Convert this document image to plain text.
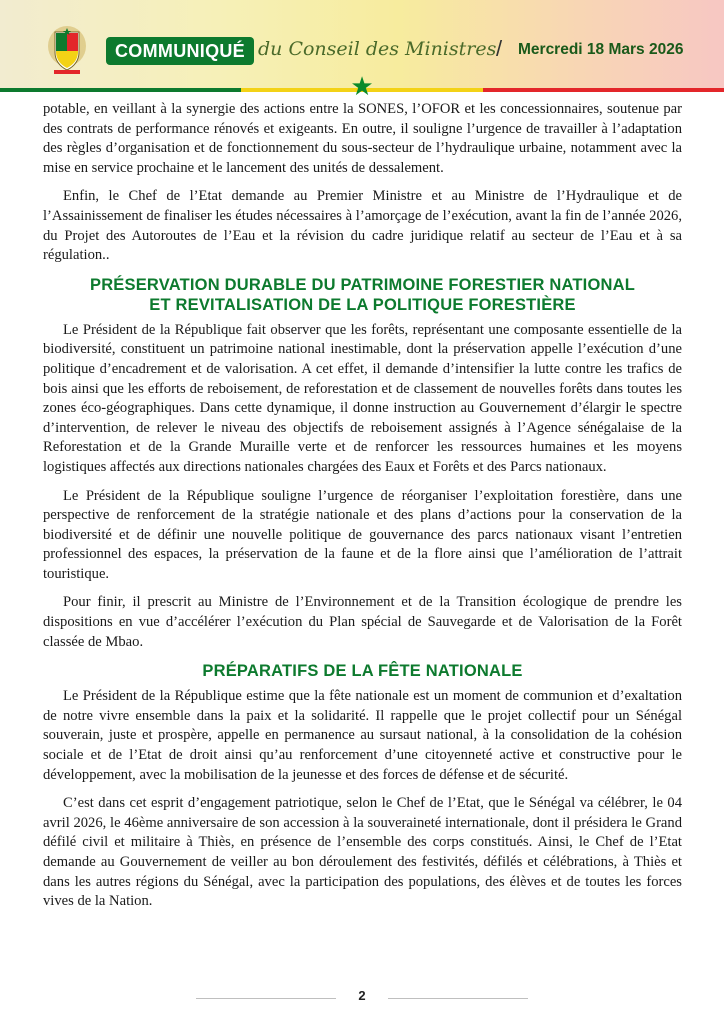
COMMUNIQUÉ du Conseil des Ministres / Mercredi 18 Mars 2026
★

potable, en veillant à la synergie des actions entre la SONES, l’OFOR et les concessionnaires, soutenue par des contrats de performance rénovés et exigeants. En outre, il souligne l’urgence de travailler à l’adaptation des règles d’organisation et de fonctionnement du sous-secteur de l’hydraulique urbaine, notamment avec la mise en service prochaine et le lancement des unités de dessalement.

Enfin, le Chef de l’Etat demande au Premier Ministre et au Ministre de l’Hydraulique et de l’Assainissement de finaliser les études nécessaires à l’amorçage de l’exécution, avant la fin de l’année 2026, du Projet des Autoroutes de l’Eau et la révision du cadre juridique relatif au secteur de l’Eau et à sa régulation..

PRÉSERVATION DURABLE DU PATRIMOINE FORESTIER NATIONAL
ET REVITALISATION DE LA POLITIQUE FORESTIÈRE

Le Président de la République fait observer que les forêts, représentant une composante essentielle de la biodiversité, constituent un patrimoine national inestimable, dont la préservation appelle l’exécution d’une politique d’encadrement et de valorisation. A cet effet, il demande d’intensifier la lutte contre les trafics de bois ainsi que les efforts de reboisement, de reforestation et de classement de nouvelles forêts dans toutes les zones éco-géographiques. Dans cette dynamique, il donne instruction au Gouvernement d’élargir le spectre d’intervention, de relever le niveau des objectifs de reboisement assignés à l’Agence sénégalaise de la Reforestation et de la Grande Muraille verte et de renforcer les ressources humaines et les moyens logistiques affectés aux directions nationales chargées des Eaux et Forêts et des Parcs nationaux.

Le Président de la République souligne l’urgence de réorganiser l’exploitation forestière, dans une perspective de renforcement de la stratégie nationale et des plans d’actions pour la conservation de la biodiversité et de définir une nouvelle politique de gouvernance des parcs nationaux visant l’entretien professionnel des espaces, la préservation de la faune et de la flore ainsi que l’amélioration de l’attrait touristique.

Pour finir, il prescrit au Ministre de l’Environnement et de la Transition écologique de prendre les dispositions en vue d’accélérer l’exécution du Plan spécial de Sauvegarde et de Valorisation de la Forêt classée de Mbao.

PRÉPARATIFS DE LA FÊTE NATIONALE

Le Président de la République estime que la fête nationale est un moment de communion et d’exaltation de notre vivre ensemble dans la paix et la solidarité. Il rappelle que le projet collectif pour un Sénégal souverain, juste et prospère, appelle en permanence au sursaut national, à la consolidation de la cohésion sociale et de l’Etat de droit ainsi qu’au renforcement d’une citoyenneté active et constructive pour le développement, avec la mobilisation de la jeunesse et des forces de défense et de sécurité.

C’est dans cet esprit d’engagement patriotique, selon le Chef de l’Etat, que le Sénégal va célébrer, le 04 avril 2026, le 46ème anniversaire de son accession à la souveraineté internationale, dont il présidera le Grand défilé civil et militaire à Thiès, en présence de l’ensemble des corps constitués. Ainsi, le Chef de l’Etat demande au Gouvernement de veiller au bon déroulement des festivités, défilés et célébrations, à Thiès et dans les autres régions du Sénégal, avec la participation des populations, des élèves et de toutes les forces vives de la Nation.

2
